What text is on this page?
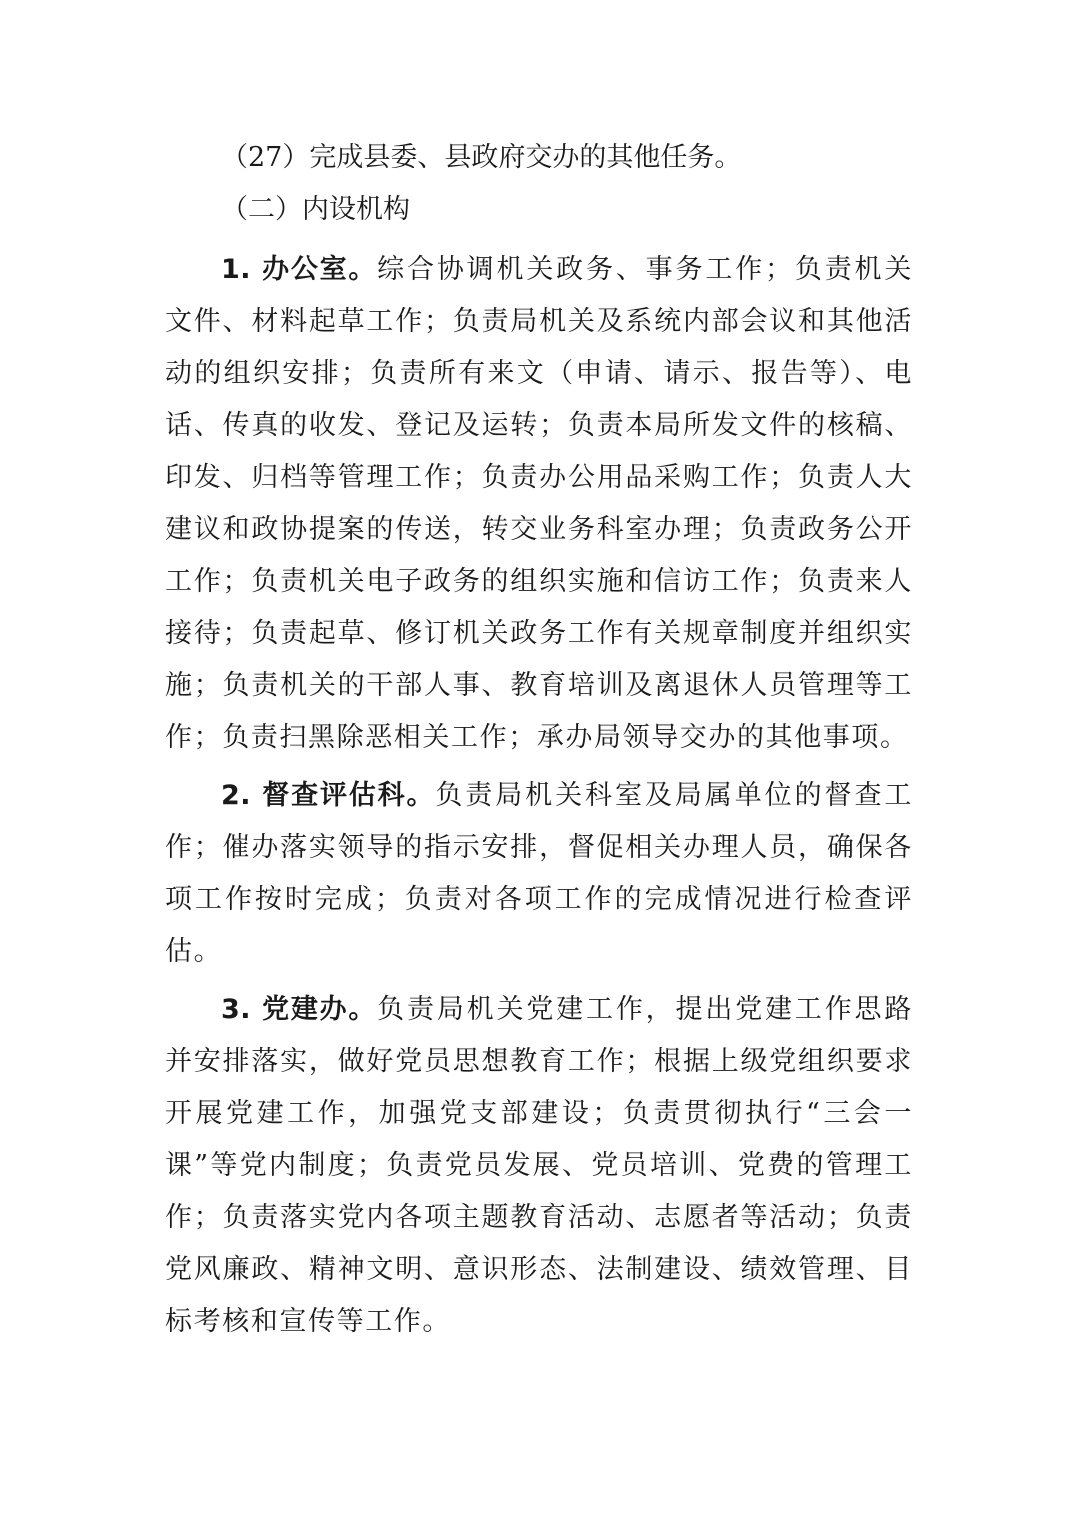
（27）完成县委、县政府交办的其他任务。

（二）内设机构

1. 办公室。综合协调机关政务、事务工作；负责机关文件、材料起草工作；负责局机关及系统内部会议和其他活动的组织安排；负责所有来文（申请、请示、报告等）、电话、传真的收发、登记及运转；负责本局所发文件的核稿、印发、归档等管理工作；负责办公用品采购工作；负责人大建议和政协提案的传送，转交业务科室办理；负责政务公开工作；负责机关电子政务的组织实施和信访工作；负责来人接待；负责起草、修订机关政务工作有关规章制度并组织实施；负责机关的干部人事、教育培训及离退休人员管理等工作；负责扫黑除恶相关工作；承办局领导交办的其他事项。

2. 督查评估科。负责局机关科室及局属单位的督查工作；催办落实领导的指示安排，督促相关办理人员，确保各项工作按时完成；负责对各项工作的完成情况进行检查评估。

3. 党建办。负责局机关党建工作，提出党建工作思路并安排落实，做好党员思想教育工作；根据上级党组织要求开展党建工作，加强党支部建设；负责贯彻执行“三会一课”等党内制度；负责党员发展、党员培训、党费的管理工作；负责落实党内各项主题教育活动、志愿者等活动；负责党风廉政、精神文明、意识形态、法制建设、绩效管理、目标考核和宣传等工作。
